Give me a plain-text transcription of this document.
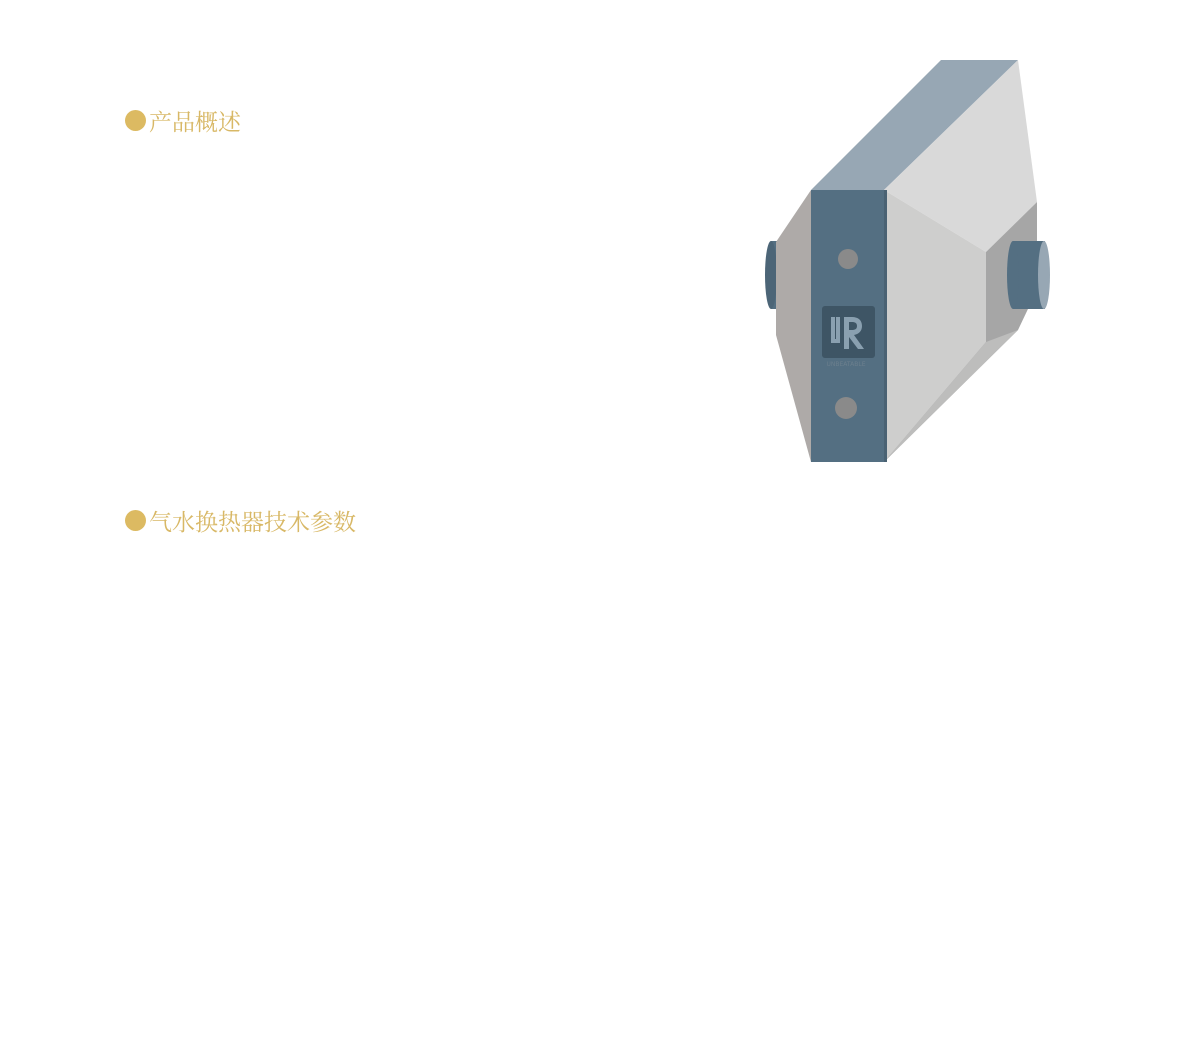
产品概述
UNBEATABLE
气水换热器技术参数
